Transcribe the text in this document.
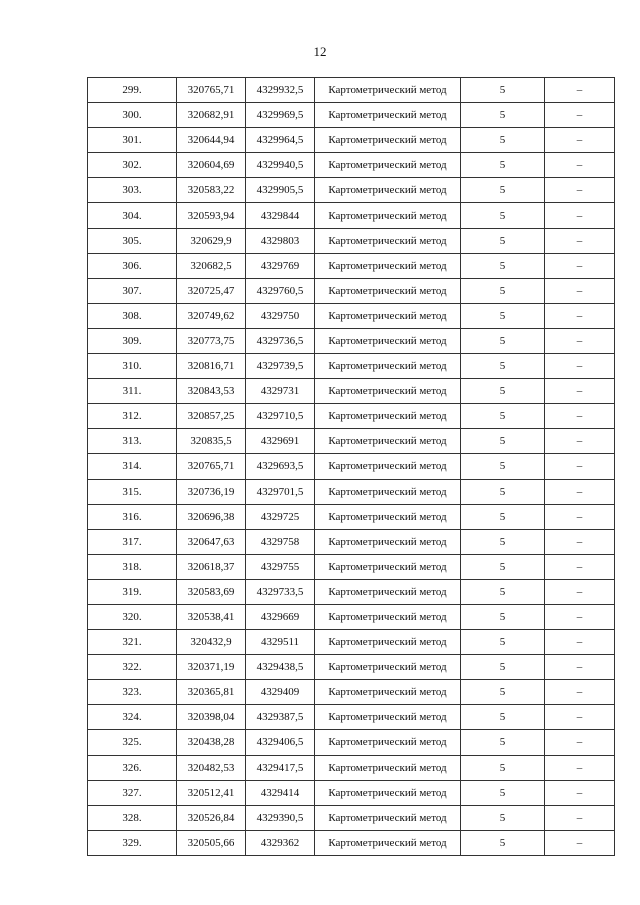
12
299.	320765,71	4329932,5	Картометрический метод	5	–
300.	320682,91	4329969,5	Картометрический метод	5	–
301.	320644,94	4329964,5	Картометрический метод	5	–
302.	320604,69	4329940,5	Картометрический метод	5	–
303.	320583,22	4329905,5	Картометрический метод	5	–
304.	320593,94	4329844	Картометрический метод	5	–
305.	320629,9	4329803	Картометрический метод	5	–
306.	320682,5	4329769	Картометрический метод	5	–
307.	320725,47	4329760,5	Картометрический метод	5	–
308.	320749,62	4329750	Картометрический метод	5	–
309.	320773,75	4329736,5	Картометрический метод	5	–
310.	320816,71	4329739,5	Картометрический метод	5	–
311.	320843,53	4329731	Картометрический метод	5	–
312.	320857,25	4329710,5	Картометрический метод	5	–
313.	320835,5	4329691	Картометрический метод	5	–
314.	320765,71	4329693,5	Картометрический метод	5	–
315.	320736,19	4329701,5	Картометрический метод	5	–
316.	320696,38	4329725	Картометрический метод	5	–
317.	320647,63	4329758	Картометрический метод	5	–
318.	320618,37	4329755	Картометрический метод	5	–
319.	320583,69	4329733,5	Картометрический метод	5	–
320.	320538,41	4329669	Картометрический метод	5	–
321.	320432,9	4329511	Картометрический метод	5	–
322.	320371,19	4329438,5	Картометрический метод	5	–
323.	320365,81	4329409	Картометрический метод	5	–
324.	320398,04	4329387,5	Картометрический метод	5	–
325.	320438,28	4329406,5	Картометрический метод	5	–
326.	320482,53	4329417,5	Картометрический метод	5	–
327.	320512,41	4329414	Картометрический метод	5	–
328.	320526,84	4329390,5	Картометрический метод	5	–
329.	320505,66	4329362	Картометрический метод	5	–
